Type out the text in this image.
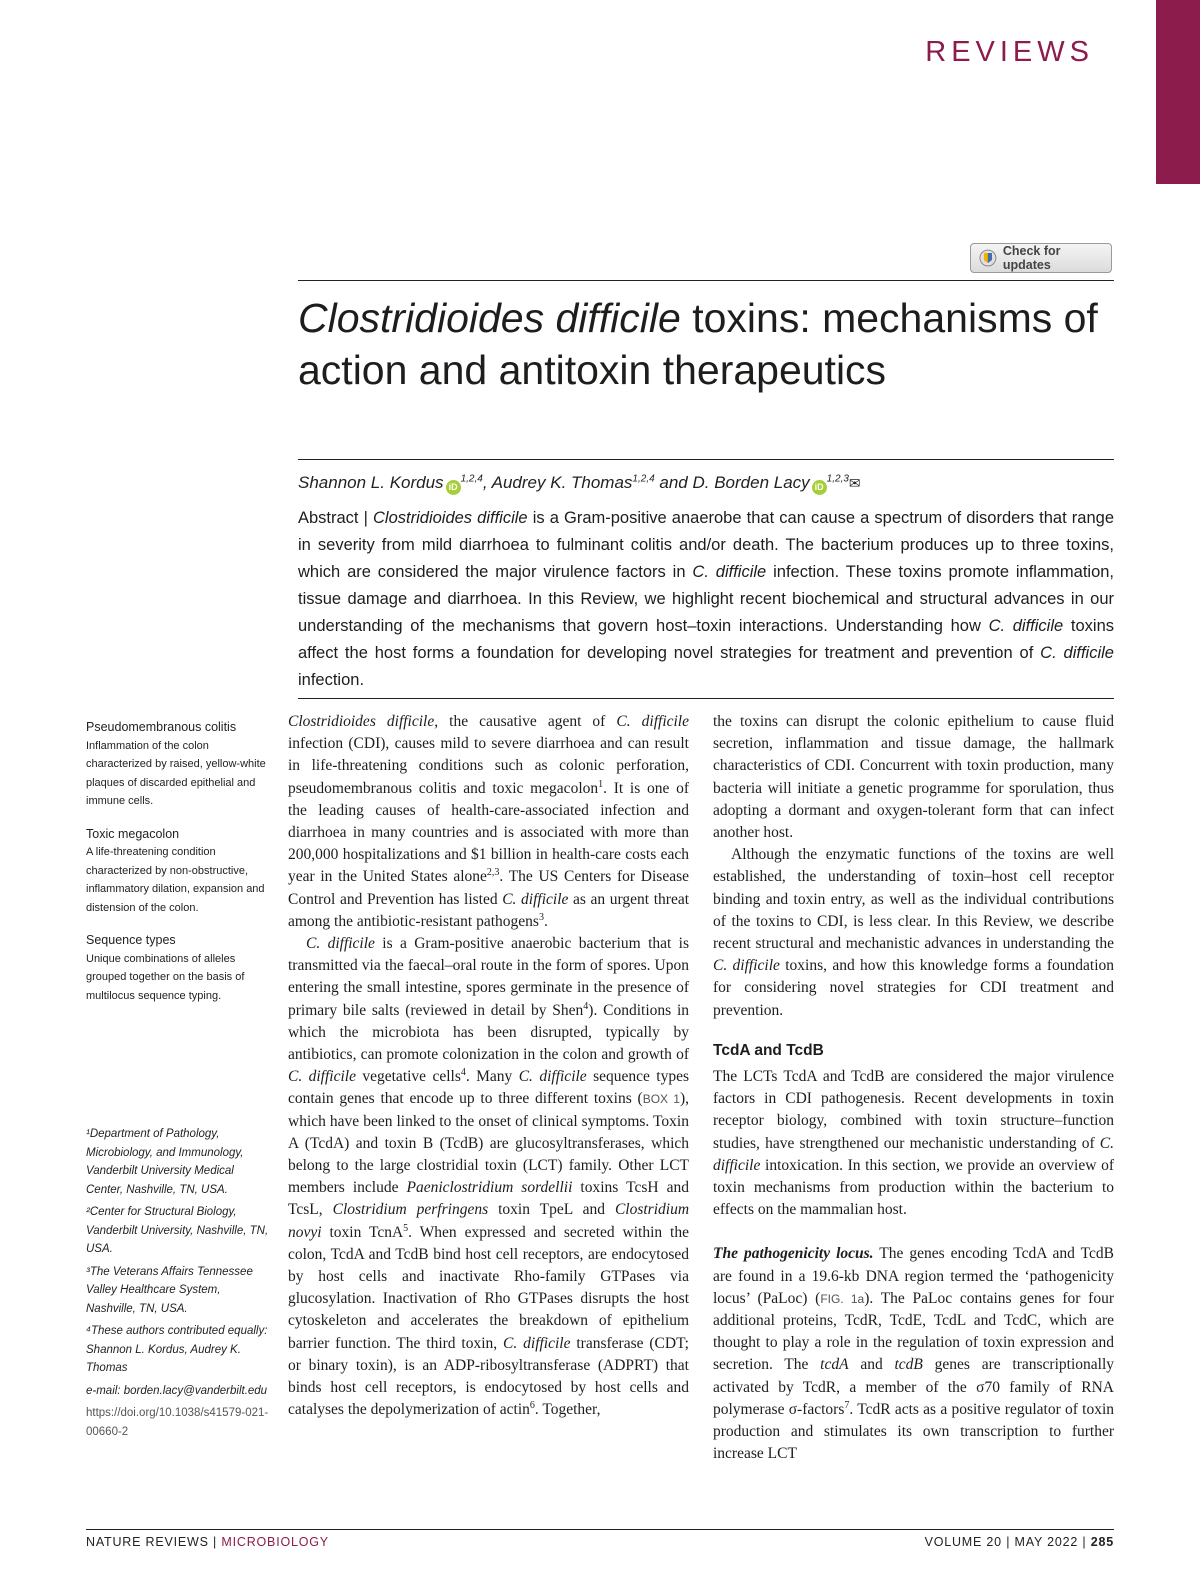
REVIEWS
Check for updates
Clostridioides difficile toxins: mechanisms of action and antitoxin therapeutics
Shannon L. Kordus iD$^{1,2,4}$, Audrey K. Thomas$^{1,2,4}$ and D. Borden Lacy iD$^{1,2,3}$✉
Abstract | Clostridioides difficile is a Gram-positive anaerobe that can cause a spectrum of disorders that range in severity from mild diarrhoea to fulminant colitis and/or death. The bacterium produces up to three toxins, which are considered the major virulence factors in C. difficile infection. These toxins promote inflammation, tissue damage and diarrhoea. In this Review, we highlight recent biochemical and structural advances in our understanding of the mechanisms that govern host–toxin interactions. Understanding how C. difficile toxins affect the host forms a foundation for developing novel strategies for treatment and prevention of C. difficile infection.
Pseudomembranous colitis
Inflammation of the colon characterized by raised, yellow-white plaques of discarded epithelial and immune cells.
Toxic megacolon
A life-threatening condition characterized by non-obstructive, inflammatory dilation, expansion and distension of the colon.
Sequence types
Unique combinations of alleles grouped together on the basis of multilocus sequence typing.

¹Department of Pathology, Microbiology, and Immunology, Vanderbilt University Medical Center, Nashville, TN, USA.

²Center for Structural Biology, Vanderbilt University, Nashville, TN, USA.

³The Veterans Affairs Tennessee Valley Healthcare System, Nashville, TN, USA.

⁴These authors contributed equally: Shannon L. Kordus, Audrey K. Thomas

e-mail: borden.lacy@vanderbilt.edu

https://doi.org/10.1038/s41579-021-00660-2

Clostridioides difficile, the causative agent of C. difficile infection (CDI), causes mild to severe diarrhoea and can result in life-threatening conditions such as colonic perforation, pseudomembranous colitis and toxic megacolon$^1$. It is one of the leading causes of health-care-associated infection and diarrhoea in many countries and is associated with more than 200,000 hospitalizations and $1 billion in health-care costs each year in the United States alone$^{2,3}$. The US Centers for Disease Control and Prevention has listed C. difficile as an urgent threat among the antibiotic-resistant pathogens$^3$.

C. difficile is a Gram-positive anaerobic bacterium that is transmitted via the faecal–oral route in the form of spores. Upon entering the small intestine, spores germinate in the presence of primary bile salts (reviewed in detail by Shen$^4$). Conditions in which the microbiota has been disrupted, typically by antibiotics, can promote colonization in the colon and growth of C. difficile vegetative cells$^4$. Many C. difficile sequence types contain genes that encode up to three different toxins (BOX 1), which have been linked to the onset of clinical symptoms. Toxin A (TcdA) and toxin B (TcdB) are glucosyltransferases, which belong to the large clostridial toxin (LCT) family. Other LCT members include Paeniclostridium sordellii toxins TcsH and TcsL, Clostridium perfringens toxin TpeL and Clostridium novyi toxin TcnA$^5$. When expressed and secreted within the colon, TcdA and TcdB bind host cell receptors, are endocytosed by host cells and inactivate Rho-family GTPases via glucosylation. Inactivation of Rho GTPases disrupts the host cytoskeleton and accelerates the breakdown of epithelium barrier function. The third toxin, C. difficile transferase (CDT; or binary toxin), is an ADP-ribosyltransferase (ADPRT) that binds host cell receptors, is endocytosed by host cells and catalyses the depolymerization of actin$^6$. Together,

the toxins can disrupt the colonic epithelium to cause fluid secretion, inflammation and tissue damage, the hallmark characteristics of CDI. Concurrent with toxin production, many bacteria will initiate a genetic programme for sporulation, thus adopting a dormant and oxygen-tolerant form that can infect another host.

Although the enzymatic functions of the toxins are well established, the understanding of toxin–host cell receptor binding and toxin entry, as well as the individual contributions of the toxins to CDI, is less clear. In this Review, we describe recent structural and mechanistic advances in understanding the C. difficile toxins, and how this knowledge forms a foundation for considering novel strategies for CDI treatment and prevention.

TcdA and TcdB

The LCTs TcdA and TcdB are considered the major virulence factors in CDI pathogenesis. Recent developments in toxin receptor biology, combined with toxin structure–function studies, have strengthened our mechanistic understanding of C. difficile intoxication. In this section, we provide an overview of toxin mechanisms from production within the bacterium to effects on the mammalian host.

The pathogenicity locus. The genes encoding TcdA and TcdB are found in a 19.6-kb DNA region termed the ‘pathogenicity locus’ (PaLoc) (FIG. 1a). The PaLoc contains genes for four additional proteins, TcdR, TcdE, TcdL and TcdC, which are thought to play a role in the regulation of toxin expression and secretion. The tcdA and tcdB genes are transcriptionally activated by TcdR, a member of the σ70 family of RNA polymerase σ-factors$^7$. TcdR acts as a positive regulator of toxin production and stimulates its own transcription to further increase LCT

NATURE REVIEWS | MICROBIOLOGY	VOLUME 20 | MAY 2022 | 285
